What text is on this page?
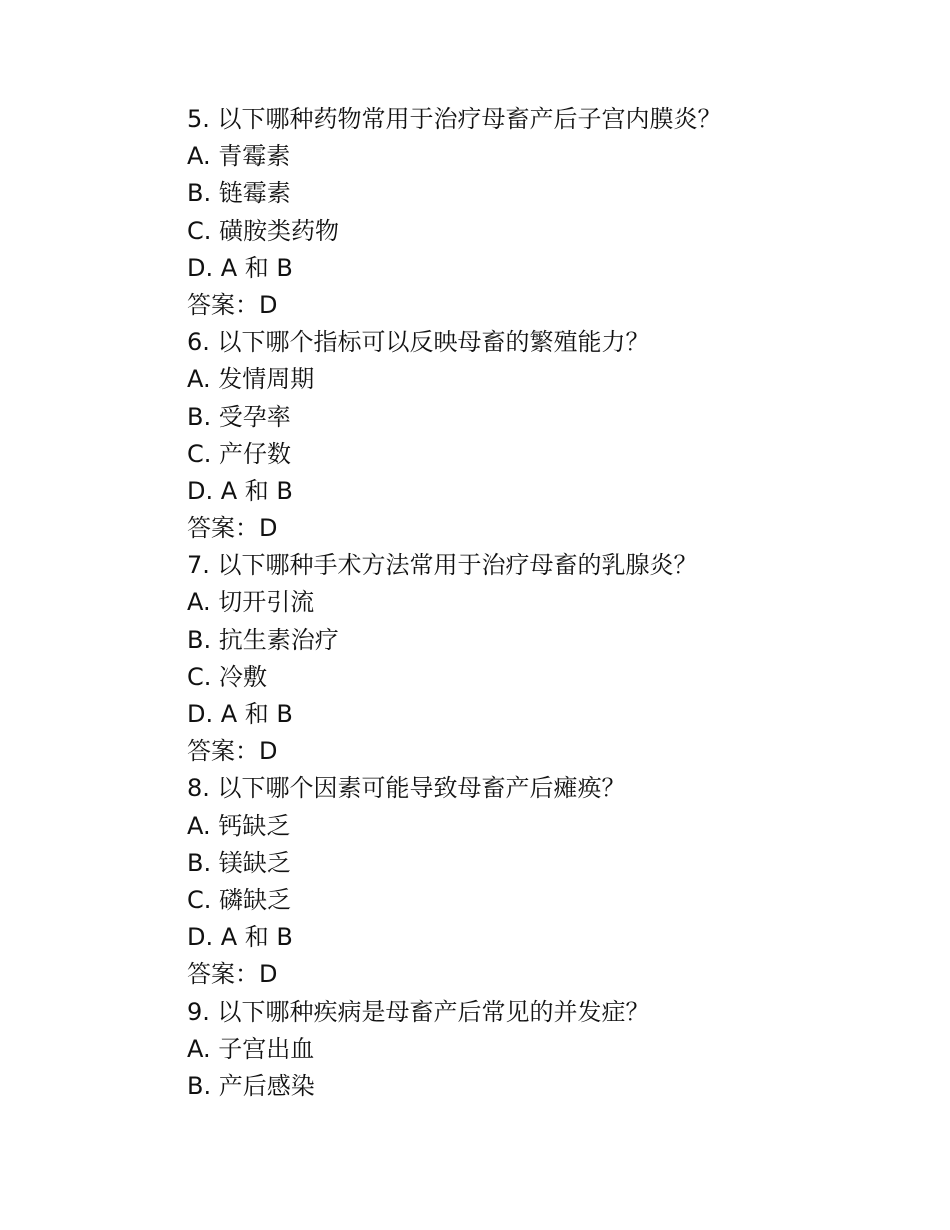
5. 以下哪种药物常用于治疗母畜产后子宫内膜炎？
A. 青霉素
B. 链霉素
C. 磺胺类药物
D. A 和 B
答案：D
6. 以下哪个指标可以反映母畜的繁殖能力？
A. 发情周期
B. 受孕率
C. 产仔数
D. A 和 B
答案：D
7. 以下哪种手术方法常用于治疗母畜的乳腺炎？
A. 切开引流
B. 抗生素治疗
C. 冷敷
D. A 和 B
答案：D
8. 以下哪个因素可能导致母畜产后瘫痪？
A. 钙缺乏
B. 镁缺乏
C. 磷缺乏
D. A 和 B
答案：D
9. 以下哪种疾病是母畜产后常见的并发症？
A. 子宫出血
B. 产后感染
